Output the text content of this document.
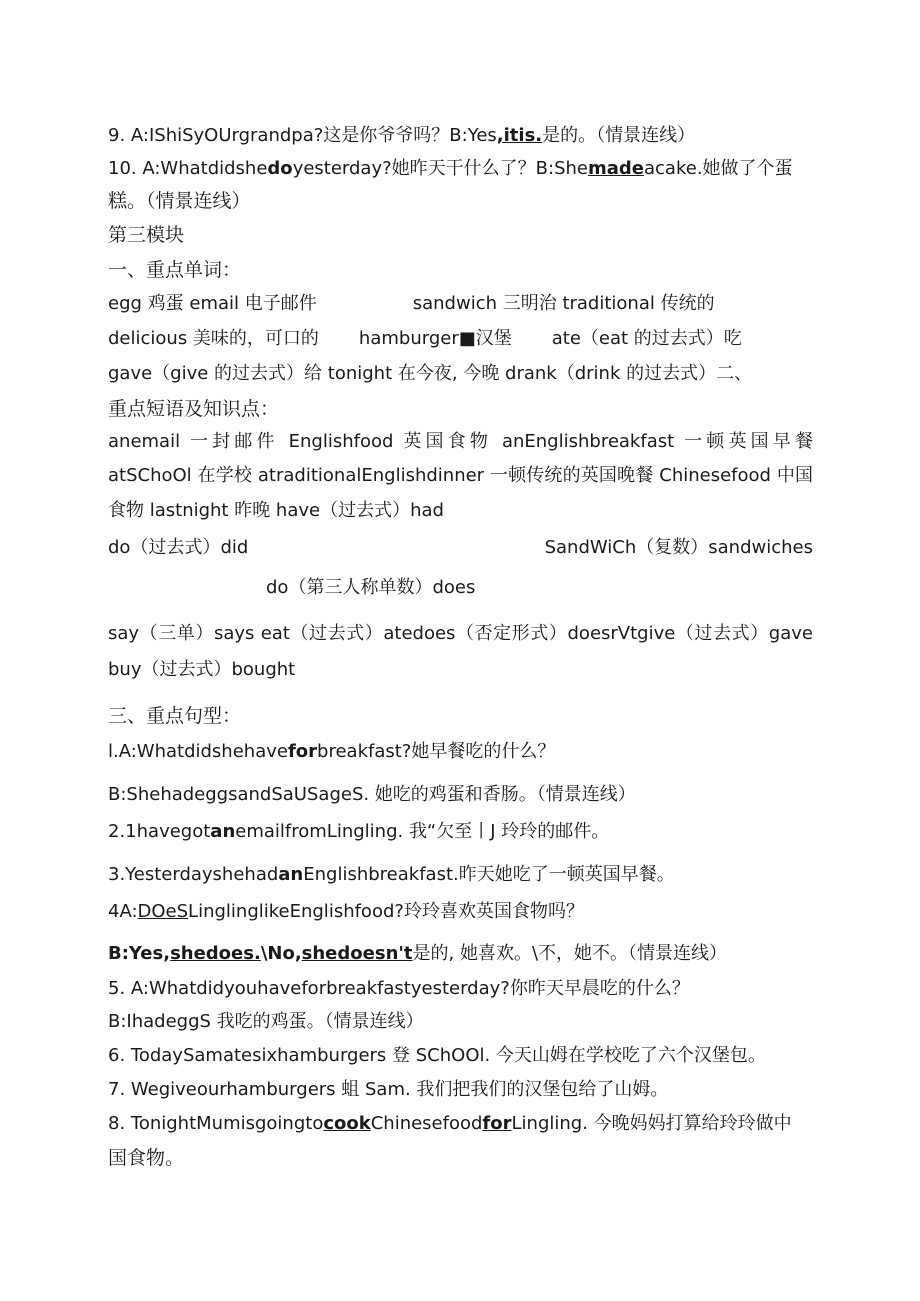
9. A:IShiSyOUrgrandpa?这是你爷爷吗？B:Yes,itis.是的。（情景连线）
10. A:Whatdidshedoyesterday?她昨天干什么了？B:Shemadeacake.她做了个蛋
糕。（情景连线）
第三模块
一、重点单词：
egg 鸡蛋 email 电子邮件	sandwich 三明治 traditional 传统的
delicious 美味的，可口的 hamburger■汉堡 ate（eat 的过去式）吃
gave（give 的过去式）给 tonight 在今夜, 今晚 drank（drink 的过去式）二、
重点短语及知识点：
anemail 一封邮件 Englishfood 英国食物 anEnglishbreakfast 一顿英国早餐
atSChoOl 在学校 atraditionalEnglishdinner 一顿传统的英国晚餐 Chinesefood 中国
食物 lastnight 昨晚 have（过去式）had
do（过去式）did	SandWiCh（复数）sandwiches
do（第三人称单数）does
say（三单）says eat（过去式）atedoes（否定形式）doesrVtgive（过去式）gave
buy（过去式）bought
三、重点句型：
l.A:Whatdidshehaveforbreakfast?她早餐吃的什么？
B:ShehadeggsandSaUSageS. 她吃的鸡蛋和香肠。（情景连线）
2.1havegotanemailfromLingling. 我“欠至丨J 玲玲的邮件。
3.YesterdayshehadanEnglishbreakfast.昨天她吃了一顿英国早餐。
4A:DOeSLinglinglikeEnglishfood?玲玲喜欢英国食物吗？
B:Yes,shedoes.\No,shedoesn't是的, 她喜欢。\不，她不。（情景连线）
5. A:Whatdidyouhaveforbreakfastyesterday?你昨天早晨吃的什么？
B:IhadeggS 我吃的鸡蛋。（情景连线）
6. TodaySamatesixhamburgers 登 SChOOl. 今天山姆在学校吃了六个汉堡包。
7. Wegiveourhamburgers 蛆 Sam. 我们把我们的汉堡包给了山姆。
8. TonightMumisgoingtocookChinesefoodforLingling. 今晚妈妈打算给玲玲做中
国食物。
